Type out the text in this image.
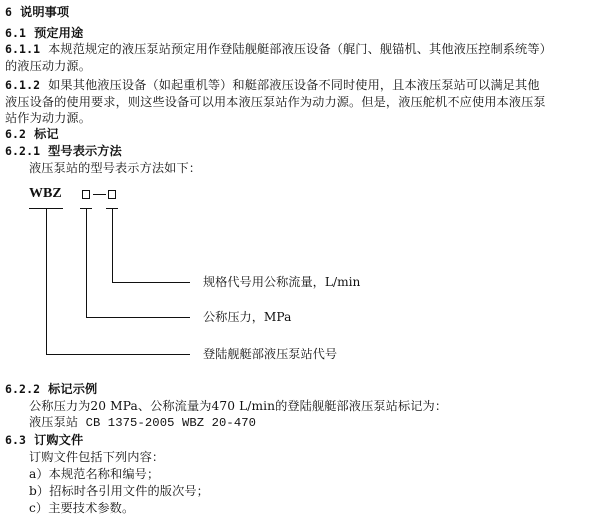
6 说明事项
6.1 预定用途
6.1.1 本规范规定的液压泵站预定用作登陆舰艇部液压设备（艉门、舰锚机、其他液压控制系统等）
的液压动力源。
6.1.2 如果其他液压设备（如起重机等）和艇部液压设备不同时使用，且本液压泵站可以满足其他
液压设备的使用要求，则这些设备可以用本液压泵站作为动力源。但是，液压舵机不应使用本液压泵
站作为动力源。
6.2 标记
6.2.1 型号表示方法
液压泵站的型号表示方法如下：
WBZ
规格代号用公称流量，L/min
公称压力，MPa
登陆舰艇部液压泵站代号
6.2.2 标记示例
公称压力为20 MPa、公称流量为470 L/min的登陆舰艇部液压泵站标记为：
液压泵站 CB 1375-2005 WBZ 20-470
6.3 订购文件
订购文件包括下列内容：
a）本规范名称和编号；
b）招标时各引用文件的版次号；
c）主要技术参数。
